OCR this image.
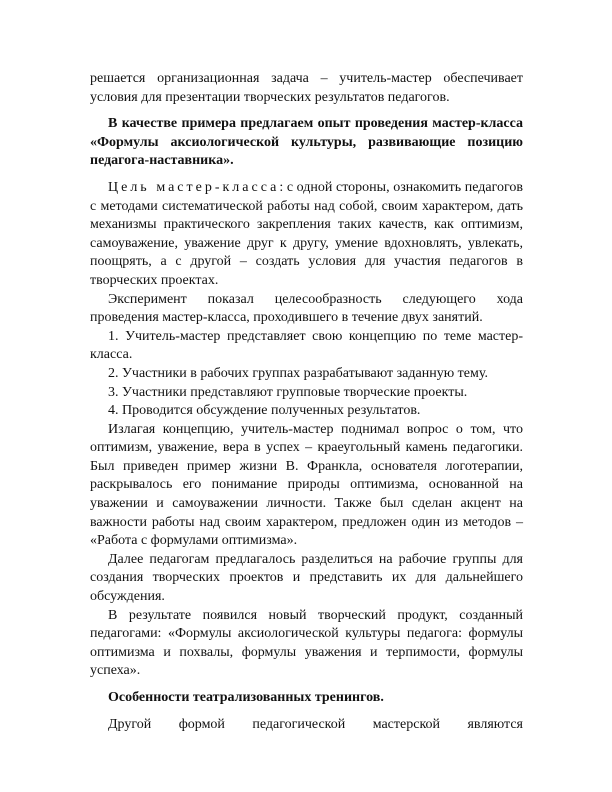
решается организационная задача – учитель-мастер обеспечивает условия для презентации творческих результатов педагогов.

В качестве примера предлагаем опыт проведения мастер-класса «Формулы аксиологической культуры, развивающие позицию педагога-наставника».

Цель мастер-класса: с одной стороны, ознакомить педагогов с методами систематической работы над собой, своим характером, дать механизмы практического закрепления таких качеств, как оптимизм, самоуважение, уважение друг к другу, умение вдохновлять, увлекать, поощрять, а с другой – создать условия для участия педагогов в творческих проектах.

Эксперимент показал целесообразность следующего хода проведения мастер-класса, проходившего в течение двух занятий.

1. Учитель-мастер представляет свою концепцию по теме мастер-класса.

2. Участники в рабочих группах разрабатывают заданную тему.

3. Участники представляют групповые творческие проекты.

4. Проводится обсуждение полученных результатов.

Излагая концепцию, учитель-мастер поднимал вопрос о том, что оптимизм, уважение, вера в успех – краеугольный камень педагогики. Был приведен пример жизни В. Франкла, основателя логотерапии, раскрывалось его понимание природы оптимизма, основанной на уважении и самоуважении личности. Также был сделан акцент на важности работы над своим характером, предложен один из методов – «Работа с формулами оптимизма».

Далее педагогам предлагалось разделиться на рабочие группы для создания творческих проектов и представить их для дальнейшего обсуждения.

В результате появился новый творческий продукт, созданный педагогами: «Формулы аксиологической культуры педагога: формулы оптимизма и похвалы, формулы уважения и терпимости, формулы успеха».

Особенности театрализованных тренингов.

Другой формой педагогической мастерской являются
